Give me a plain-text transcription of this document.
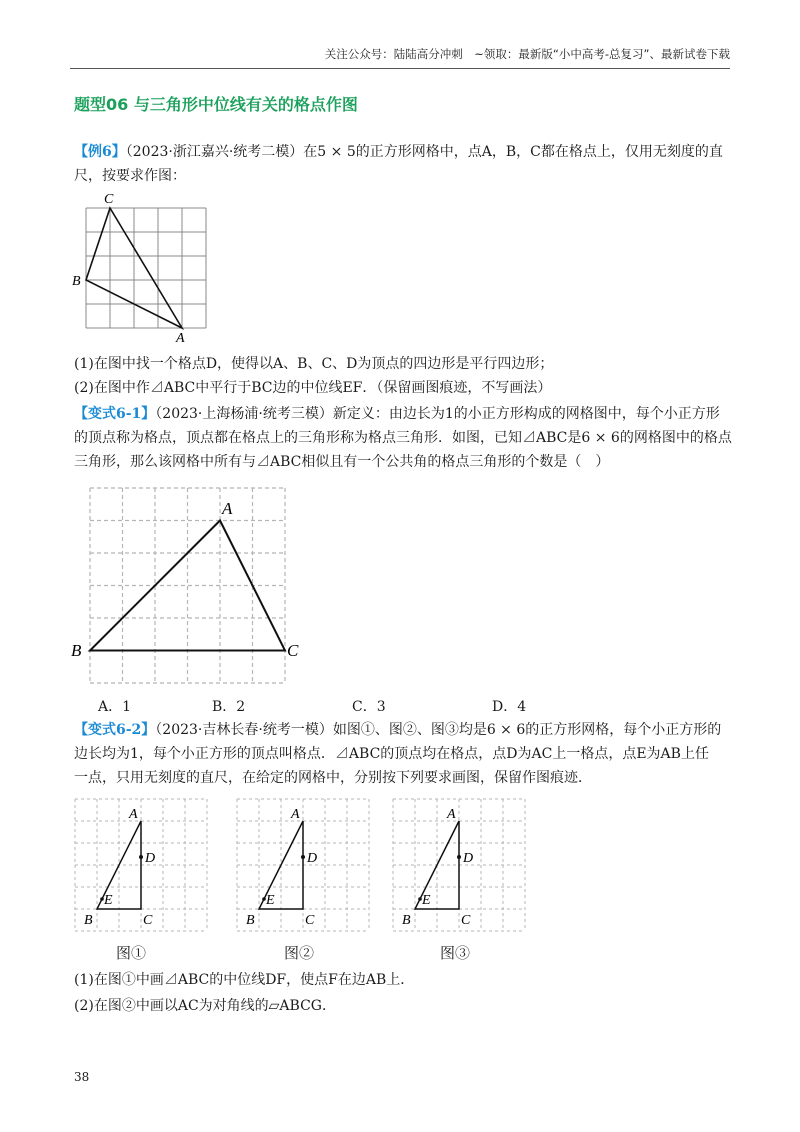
关注公众号：陆陆高分冲刺　~领取：最新版“小中高考-总复习”、最新试卷下载
题型06 与三角形中位线有关的格点作图
【例6】（2023·浙江嘉兴·统考二模）在5 × 5的正方形网格中，点A，B，C都在格点上，仅用无刻度的直
尺，按要求作图：
C
B
A
(1)在图中找一个格点D，使得以A、B、C、D为顶点的四边形是平行四边形；
(2)在图中作⊿ABC中平行于BC边的中位线EF．（保留画图痕迹，不写画法）
【变式6-1】（2023·上海杨浦·统考三模）新定义：由边长为1的小正方形构成的网格图中，每个小正方形
的顶点称为格点，顶点都在格点上的三角形称为格点三角形．如图，已知⊿ABC是6 × 6的网格图中的格点
三角形，那么该网格中所有与⊿ABC相似且有一个公共角的格点三角形的个数是（　）
A
B	C
A．1	B．2	C．3	D．4
【变式6-2】（2023·吉林长春·统考一模）如图①、图②、图③均是6 × 6的正方形网格，每个小正方形的
边长均为1，每个小正方形的顶点叫格点．⊿ABC的顶点均在格点，点D为AC上一格点，点E为AB上任
一点，只用无刻度的直尺，在给定的网格中，分别按下列要求画图，保留作图痕迹．
A
D
E
B	C
A
D
E
B	C
A
D
E
B	C
图①	图②	图③
(1)在图①中画⊿ABC的中位线DF，使点F在边AB上．
(2)在图②中画以AC为对角线的▱ABCG．
38
